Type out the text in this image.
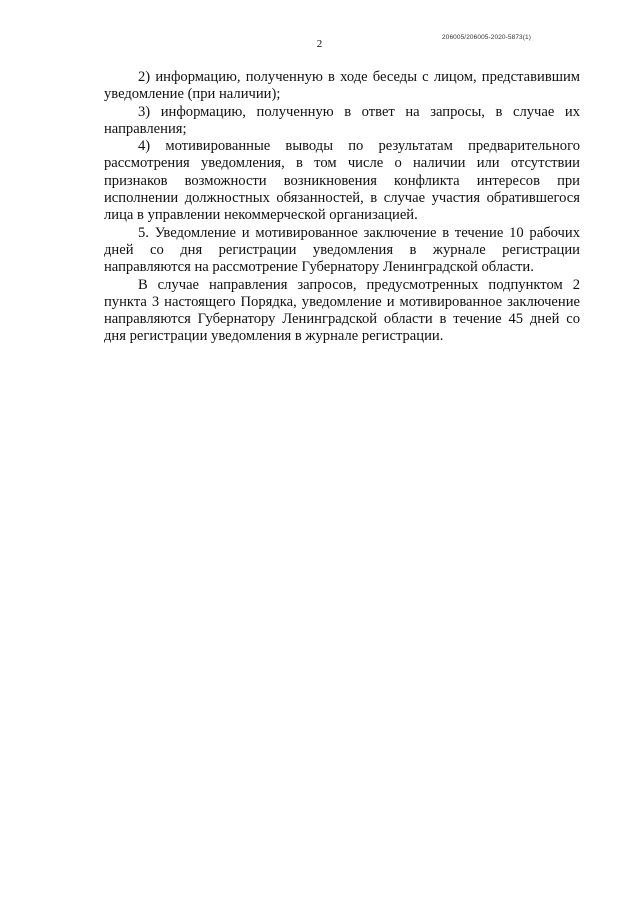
206005/206005-2020-5873(1)
2

2) информацию, полученную в ходе беседы с лицом, представившим уведомление (при наличии);

3) информацию, полученную в ответ на запросы, в случае их направления;

4) мотивированные выводы по результатам предварительного рассмотрения уведомления, в том числе о наличии или отсутствии признаков возможности возникновения конфликта интересов при исполнении должностных обязанностей, в случае участия обратившегося лица в управлении некоммерческой организацией.

5. Уведомление и мотивированное заключение в течение 10 рабочих дней со дня регистрации уведомления в журнале регистрации направляются на рассмотрение Губернатору Ленинградской области.

В случае направления запросов, предусмотренных подпунктом 2 пункта 3 настоящего Порядка, уведомление и мотивированное заключение направляются Губернатору Ленинградской области в течение 45 дней со дня регистрации уведомления в журнале регистрации.
